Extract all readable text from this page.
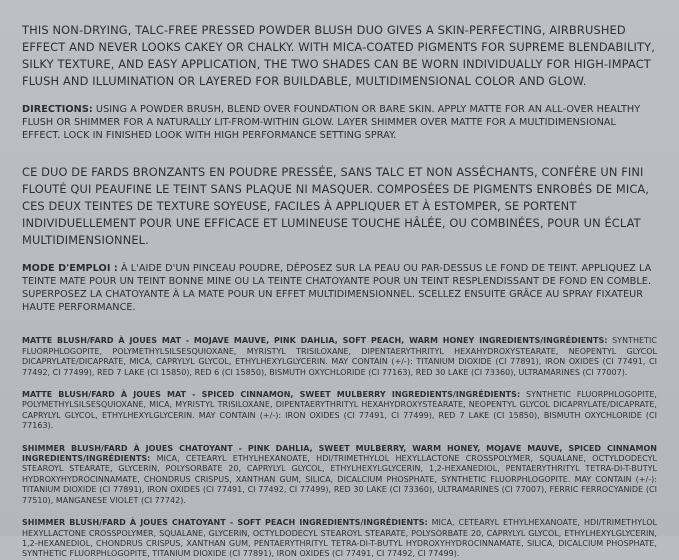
THIS NON-DRYING, TALC-FREE PRESSED POWDER BLUSH DUO GIVES A SKIN-PERFECTING, AIRBRUSHED EFFECT AND NEVER LOOKS CAKEY OR CHALKY. WITH MICA-COATED PIGMENTS FOR SUPREME BLENDABILITY, SILKY TEXTURE, AND EASY APPLICATION, THE TWO SHADES CAN BE WORN INDIVIDUALLY FOR HIGH-IMPACT FLUSH AND ILLUMINATION OR LAYERED FOR BUILDABLE, MULTIDIMENSIONAL COLOR AND GLOW.

DIRECTIONS: USING A POWDER BRUSH, BLEND OVER FOUNDATION OR BARE SKIN. APPLY MATTE FOR AN ALL-OVER HEALTHY FLUSH OR SHIMMER FOR A NATURALLY LIT-FROM-WITHIN GLOW. LAYER SHIMMER OVER MATTE FOR A MULTIDIMENSIONAL EFFECT. LOCK IN FINISHED LOOK WITH HIGH PERFORMANCE SETTING SPRAY.

CE DUO DE FARDS BRONZANTS EN POUDRE PRESSÉE, SANS TALC ET NON ASSÉCHANTS, CONFÈRE UN FINI FLOUTÉ QUI PEAUFINE LE TEINT SANS PLAQUE NI MASQUER. COMPOSÉES DE PIGMENTS ENROBÉS DE MICA, CES DEUX TEINTES DE TEXTURE SOYEUSE, FACILES À APPLIQUER ET À ESTOMPER, SE PORTENT INDIVIDUELLEMENT POUR UNE EFFICACE ET LUMINEUSE TOUCHE HÂLÉE, OU COMBINÉES, POUR UN ÉCLAT MULTIDIMENSIONNEL.

MODE D'EMPLOI : À L'AIDE D'UN PINCEAU POUDRE, DÉPOSEZ SUR LA PEAU OU PAR-DESSUS LE FOND DE TEINT. APPLIQUEZ LA TEINTE MATE POUR UN TEINT BONNE MINE OU LA TEINTE CHATOYANTE POUR UN TEINT RESPLENDISSANT DE FOND EN COMBLE. SUPERPOSEZ LA CHATOYANTE À LA MATE POUR UN EFFET MULTIDIMENSIONNEL. SCELLEZ ENSUITE GRÂCE AU SPRAY FIXATEUR HAUTE PERFORMANCE.

MATTE BLUSH/FARD À JOUES MAT - MOJAVE MAUVE, PINK DAHLIA, SOFT PEACH, WARM HONEY INGREDIENTS/INGRÉDIENTS: SYNTHETIC FLUORPHLOGOPITE, POLYMETHYLSILSESQUIOXANE, MYRISTYL TRISILOXANE, DIPENTAERYTHRITYL HEXAHYDROXYSTEARATE, NEOPENTYL GLYCOL DICAPRYLATE/DICAPRATE, MICA, CAPRYLYL GLYCOL, ETHYLHEXYLGLYCERIN. MAY CONTAIN (+/-): TITANIUM DIOXIDE (CI 77891), IRON OXIDES (CI 77491, CI 77492, CI 77499), RED 7 LAKE (CI 15850), RED 6 (CI 15850), BISMUTH OXYCHLORIDE (CI 77163), RED 30 LAKE (CI 73360), ULTRAMARINES (CI 77007).

MATTE BLUSH/FARD À JOUES MAT - SPICED CINNAMON, SWEET MULBERRY INGREDIENTS/INGRÉDIENTS: SYNTHETIC FLUORPHLOGOPITE, POLYMETHYLSILSESQUIOXANE, MICA, MYRISTYL TRISILOXANE, DIPENTAERYTHRITYL HEXAHYDROXYSTEARATE, NEOPENTYL GLYCOL DICAPRYLATE/DICAPRATE, CAPRYLYL GLYCOL, ETHYLHEXYLGLYCERIN. MAY CONTAIN (+/-): IRON OXIDES (CI 77491, CI 77499), RED 7 LAKE (CI 15850), BISMUTH OXYCHLORIDE (CI 77163).

SHIMMER BLUSH/FARD À JOUES CHATOYANT - PINK DAHLIA, SWEET MULBERRY, WARM HONEY, MOJAVE MAUVE, SPICED CINNAMON INGREDIENTS/INGRÉDIENTS: MICA, CETEARYL ETHYLHEXANOATE, HDI/TRIMETHYLOL HEXYLLACTONE CROSSPOLYMER, SQUALANE, OCTYLDODECYL STEAROYL STEARATE, GLYCERIN, POLYSORBATE 20, CAPRYLYL GLYCOL, ETHYLHEXYLGLYCERIN, 1,2-HEXANEDIOL, PENTAERYTHRITYL TETRA-DI-T-BUTYL HYDROXYHYDROCINNAMATE, CHONDRUS CRISPUS, XANTHAN GUM, SILICA, DICALCIUM PHOSPHATE, SYNTHETIC FLUORPHLOGOPITE. MAY CONTAIN (+/-): TITANIUM DIOXIDE (CI 77891), IRON OXIDES (CI 77491, CI 77492, CI 77499), RED 30 LAKE (CI 73360), ULTRAMARINES (CI 77007), FERRIC FERROCYANIDE (CI 77510), MANGANESE VIOLET (CI 77742).

SHIMMER BLUSH/FARD À JOUES CHATOYANT - SOFT PEACH INGREDIENTS/INGRÉDIENTS: MICA, CETEARYL ETHYLHEXANOATE, HDI/TRIMETHYLOL HEXYLLACTONE CROSSPOLYMER, SQUALANE, GLYCERIN, OCTYLDODECYL STEAROYL STEARATE, POLYSORBATE 20, CAPRYLYL GLYCOL, ETHYLHEXYLGLYCERIN, 1,2-HEXANEDIOL, CHONDRUS CRISPUS, XANTHAN GUM, PENTAERYTHRITYL TETRA-DI-T-BUTYL HYDROXYHYDROCINNAMATE, SILICA, DICALCIUM PHOSPHATE, SYNTHETIC FLUORPHLOGOPITE, TITANIUM DIOXIDE (CI 77891), IRON OXIDES (CI 77491, CI 77492, CI 77499).
